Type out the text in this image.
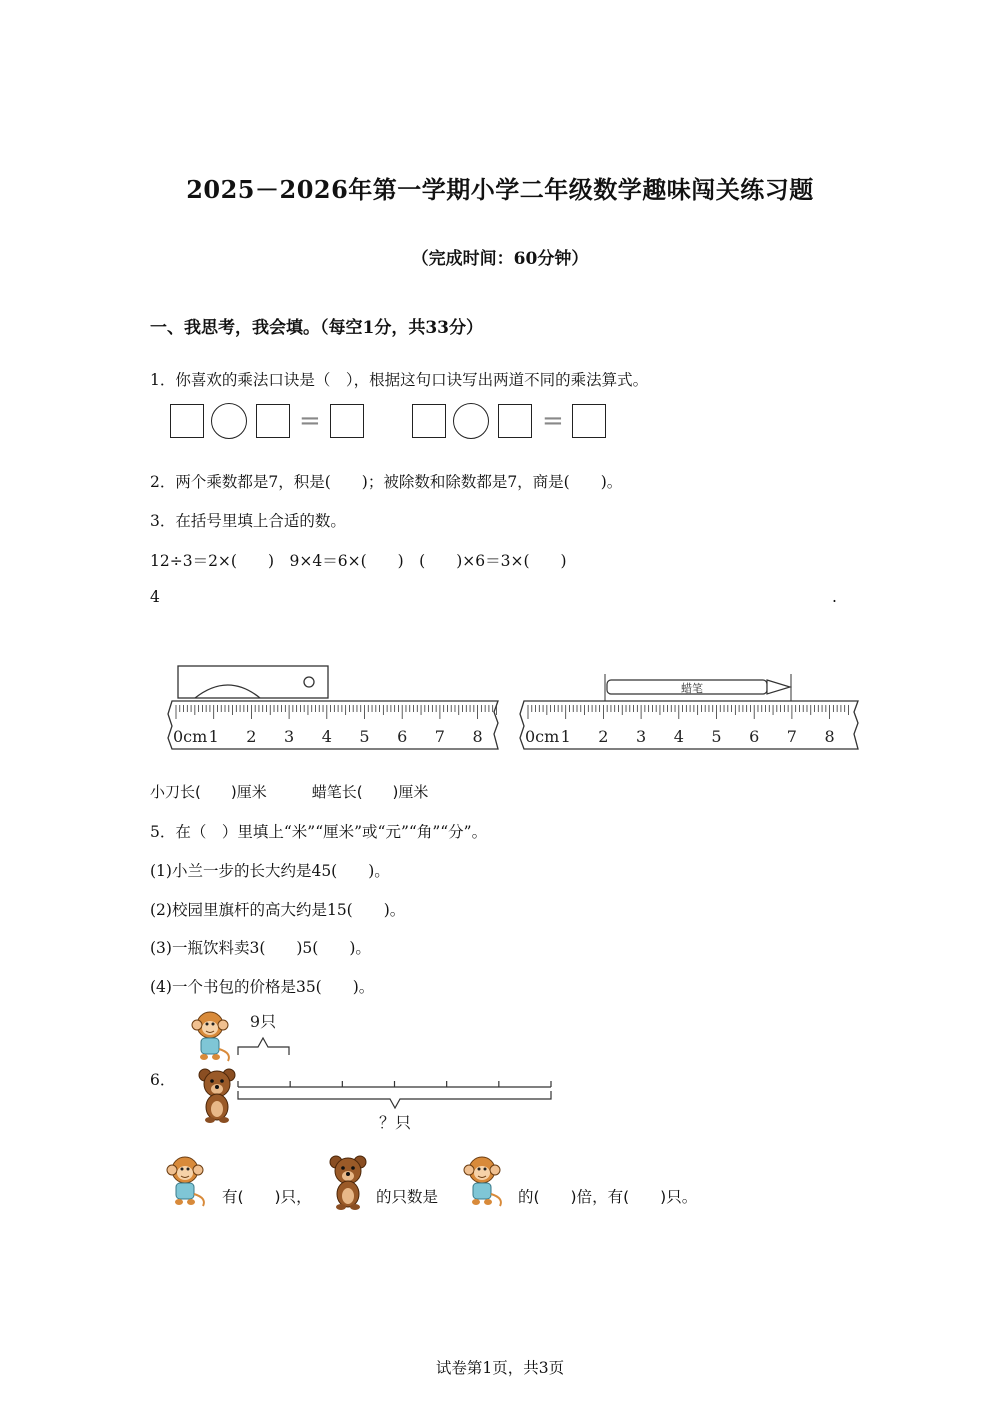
2025－2026年第一学期小学二年级数学趣味闯关练习题
（完成时间：60分钟）
一、我思考，我会填。（每空1分，共33分）
1．你喜欢的乘法口诀是（　），根据这句口诀写出两道不同的乘法算式。
=	=
2．两个乘数都是7，积是(　　)；被除数和除数都是7，商是(　　)。
3．在括号里填上合适的数。
12÷3＝2×(　　)　9×4＝6×(　　)　(　　)×6＝3×(　　)
4	.
蜡笔
0cm 1 2 3 4 5 6 7 8	0cm 1 2 3 4 5 6 7 8
小刀长(　　)厘米　　　蜡笔长(　　)厘米
5．在（　）里填上“米”“厘米”或“元”“角”“分”。
(1)小兰一步的长大约是45(　　)。
(2)校园里旗杆的高大约是15(　　)。
(3)一瓶饮料卖3(　　)5(　　)。
(4)一个书包的价格是35(　　)。
6．
9只
？只
有(　　)只，	的只数是	的(　　)倍，有(　　)只。
试卷第1页，共3页
